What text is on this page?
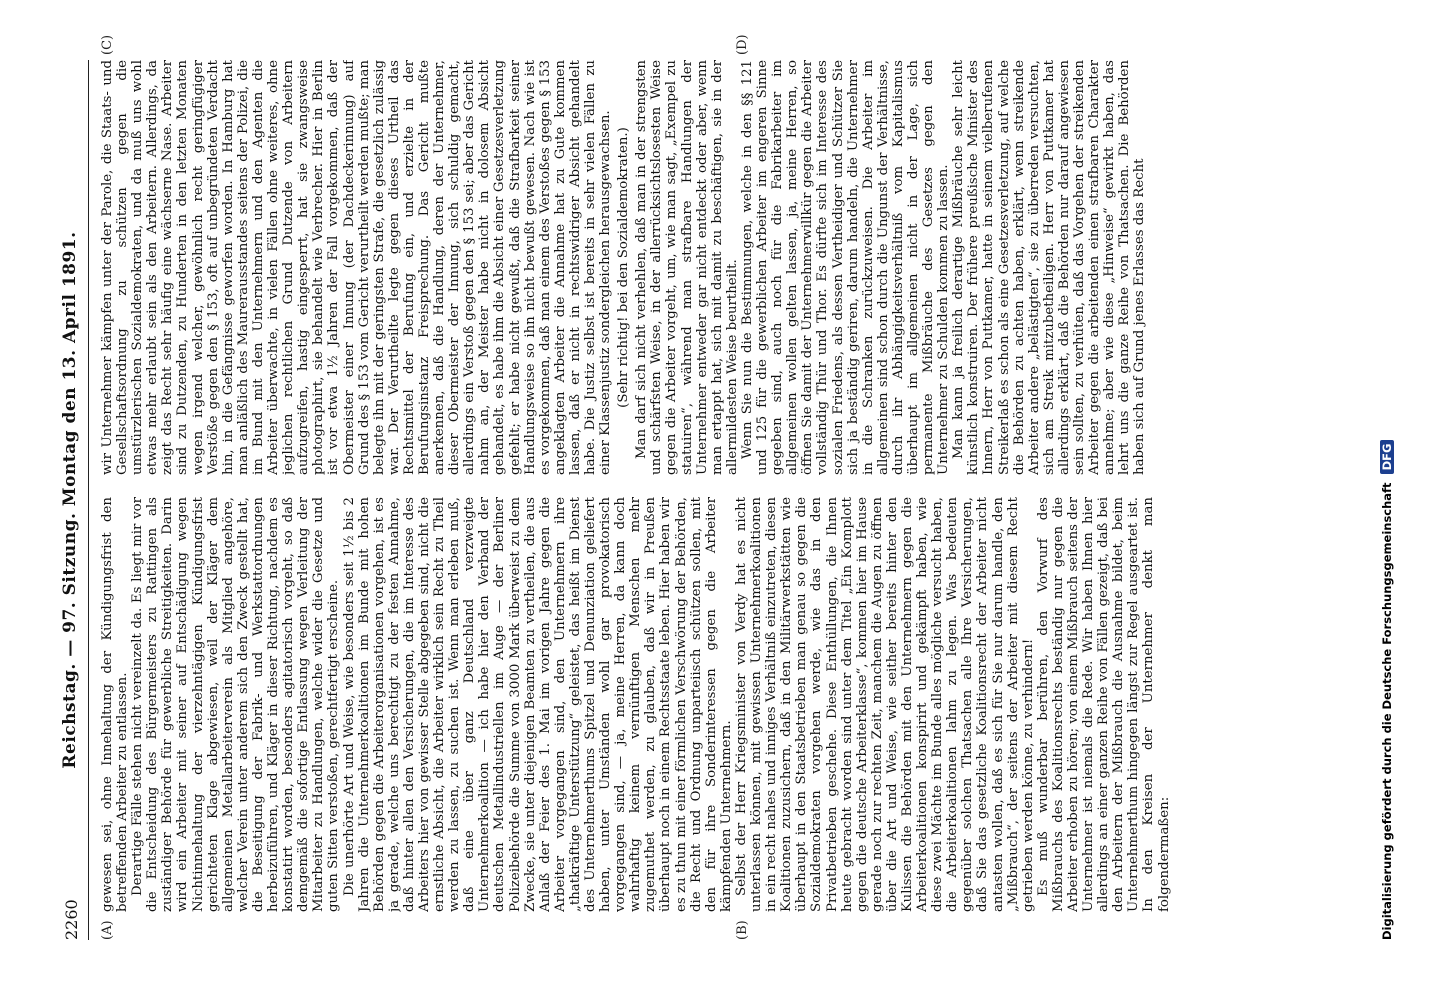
2260
Reichstag. — 97. Sitzung. Montag den 13. April 1891.
(A)	(B)
(C)	(D)

gewesen sei, ohne Innehaltung der Kündigungsfrist den betreffenden Arbeiter zu entlassen. Derartige Fälle stehen nicht vereinzelt da. Es liegt mir vor die Entscheidung des Bürgermeisters zu Rattingen als zuständiger Behörde für gewerbliche Streitigkeiten. Darin wird ein Arbeiter mit seiner auf Entschädigung wegen Nichtinnehaltung der vierzehntägigen Kündigungsfrist gerichteten Klage abgewiesen, weil der Kläger dem allgemeinen Metallarbeiterverein als Mitglied angehöre, welcher Verein unter anderem sich den Zweck gestellt hat, die Beseitigung der Fabrik- und Werkstattordnungen herbeizuführen, und Kläger in dieser Richtung, nachdem es konstatirt worden, besonders agitatorisch vorgeht, so daß demgemäß die sofortige Entlassung wegen Verleitung der Mitarbeiter zu Handlungen, welche wider die Gesetze und guten Sitten verstoßen, gerechtfertigt erscheine. Die unerhörte Art und Weise, wie besonders seit 1½ bis 2 Jahren die Unternehmerkoalitionen im Bunde mit hohen Behörden gegen die Arbeiterorganisationen vorgehen, ist es ja gerade, welche uns berechtigt zu der festen Annahme, daß hinter allen den Versicherungen, die im Interesse des Arbeiters hier von gewisser Stelle abgegeben sind, nicht die ernstliche Absicht, die Arbeiter wirklich sein Recht zu Theil werden zu lassen, zu suchen ist. Wenn man erleben muß, daß eine über ganz Deutschland verzweigte Unternehmerkoalition — ich habe hier den Verband der deutschen Metallindustriellen im Auge — der Berliner Polizeibehörde die Summe von 3000 Mark überweist zu dem Zwecke, sie unter diejenigen Beamten zu vertheilen, die aus Anlaß der Feier des 1. Mai im vorigen Jahre gegen die Arbeiter vorgegangen sind, den Unternehmern ihre „thatkräftige Unterstützung“ geleistet, das heißt im Dienst des Unternehmerthums Spitzel und Denunziation geliefert haben, unter Umständen wohl gar provokatorisch vorgegangen sind, — ja, meine Herren, da kann doch wahrhaftig keinem vernünftigen Menschen mehr zugemuthet werden, zu glauben, daß wir in Preußen überhaupt noch in einem Rechtsstaate leben. Hier haben wir es zu thun mit einer förmlichen Verschwörung der Behörden, die Recht und Ordnung unparteiisch schützen sollen, mit den für ihre Sonderinteressen gegen die Arbeiter kämpfenden Unternehmern. Selbst der Herr Kriegsminister von Verdy hat es nicht unterlassen können, mit gewissen Unternehmerkoalitionen in ein recht nahes und inniges Verhältniß einzutreten, diesen Koalitionen zuzusichern, daß in den Militärwerkstätten wie überhaupt in den Staatsbetrieben man genau so gegen die Sozialdemokraten vorgehen werde, wie das in den Privatbetrieben geschehe. Diese Enthüllungen, die Ihnen heute gebracht worden sind unter dem Titel „Ein Komplott gegen die deutsche Arbeiterklasse“, kommen hier im Hause gerade noch zur rechten Zeit, manchem die Augen zu öffnen über die Art und Weise, wie seither bereits hinter den Kulissen die Behörden mit den Unternehmern gegen die Arbeiterkoalitionen konspirirt und gekämpft haben, wie diese zwei Mächte im Bunde alles mögliche versucht haben, die Arbeiterkoalitionen lahm zu legen. Was bedeuten gegenüber solchen Thatsachen alle Ihre Versicherungen, daß Sie das gesetzliche Koalitionsrecht der Arbeiter nicht antasten wollen, daß es sich für Sie nur darum handle, den „Mißbrauch“, der seitens der Arbeiter mit diesem Recht getrieben werden könne, zu verhindern! Es muß wunderbar berühren, den Vorwurf des Mißbrauchs des Koalitionsrechts beständig nur gegen die Arbeiter erhoben zu hören; von einem Mißbrauch seitens der Unternehmer ist niemals die Rede. Wir haben Ihnen hier allerdings an einer ganzen Reihe von Fällen gezeigt, daß bei den Arbeitern der Mißbrauch die Ausnahme bildet, beim Unternehmerthum hingegen längst zur Regel ausgeartet ist. In den Kreisen der Unternehmer denkt man folgendermaßen:

wir Unternehmer kämpfen unter der Parole, die Staats- und Gesellschaftsordnung zu schützen gegen die umstürzlerischen Sozialdemokraten, und da muß uns wohl etwas mehr erlaubt sein als den Arbeitern. Allerdings, da zeigt das Recht sehr häufig eine wächserne Nase. Arbeiter sind zu Dutzenden, zu Hunderten in den letzten Monaten wegen irgend welcher, gewöhnlich recht geringfügiger Verstöße gegen den § 153, oft auf unbegründeten Verdacht hin, in die Gefängnisse geworfen worden. In Hamburg hat man anläßlich des Maurerausstandes seitens der Polizei, die im Bund mit den Unternehmern und den Agenten die Arbeiter überwachte, in vielen Fällen ohne weiteres, ohne jeglichen rechtlichen Grund Dutzende von Arbeitern aufzugreifen, hastig eingesperrt, hat sie zwangsweise photographirt, sie behandelt wie Verbrecher. Hier in Berlin ist vor etwa 1½ Jahren der Fall vorgekommen, daß der Obermeister einer Innung (der Dachdeckerinnung) auf Grund des § 153 vom Gericht verurtheilt werden mußte; man belegte ihn mit der geringsten Strafe, die gesetzlich zulässig war. Der Verurtheilte legte gegen dieses Urtheil das Rechtsmittel der Berufung ein, und erzielte in der Berufungsinstanz Freisprechung. Das Gericht mußte anerkennen, daß die Handlung, deren der Unternehmer, dieser Obermeister der Innung, sich schuldig gemacht, allerdings ein Verstoß gegen den § 153 sei; aber das Gericht nahm an, der Meister habe nicht in dolosem Absicht gehandelt, es habe ihm die Absicht einer Gesetzesverletzung gefehlt; er habe nicht gewußt, daß die Strafbarkeit seiner Handlungsweise so ihn nicht bewußt gewesen. Nach wie ist es vorgekommen, daß man einem des Verstoßes gegen § 153 angeklagten Arbeiter die Annahme hat zu Gute kommen lassen, daß er nicht in rechtswidriger Absicht gehandelt habe. Die Justiz selbst ist bereits in sehr vielen Fällen zu einer Klassenjustiz sondergleichen herausgewachsen. (Sehr richtig! bei den Sozialdemokraten.) Man darf sich nicht verhehlen, daß man in der strengsten und schärfsten Weise, in der allerrücksichtslosesten Weise gegen die Arbeiter vorgeht, um, wie man sagt, „Exempel zu statuiren“, während man strafbare Handlungen der Unternehmer entweder gar nicht entdeckt oder aber, wenn man ertappt hat, sich mit damit zu beschäftigen, sie in der allermildesten Weise beurtheilt. Wenn Sie nun die Bestimmungen, welche in den §§ 121 und 125 für die gewerblichen Arbeiter im engeren Sinne gegeben sind, auch noch für die Fabrikarbeiter im allgemeinen wollen gelten lassen, ja, meine Herren, so öffnen Sie damit der Unternehmerwillkür gegen die Arbeiter vollständig Thür und Thor. Es dürfte sich im Interesse des sozialen Friedens, als dessen Vertheidiger und Schützer Sie sich ja beständig geriren, darum handeln, die Unternehmer in die Schranken zurückzuweisen. Die Arbeiter im allgemeinen sind schon durch die Ungunst der Verhältnisse, durch ihr Abhängigkeitsverhältniß vom Kapitalismus überhaupt im allgemeinen nicht in der Lage, sich permanente Mißbräuche des Gesetzes gegen den Unternehmer zu Schulden kommen zu lassen. Man kann ja freilich derartige Mißbräuche sehr leicht künstlich konstruiren. Der frühere preußische Minister des Innern, Herr von Puttkamer, hatte in seinem vielberufenen Streikerlaß es schon als eine Gesetzesverletzung, auf welche die Behörden zu achten haben, erklärt, wenn streikende Arbeiter andere „belästigten“, sie zu überreden versuchten, sich am Streik mitzubetheiligen. Herr von Puttkamer hat allerdings erklärt, daß die Behörden nur darauf angewiesen sein sollten, zu verhüten, daß das Vorgehen der streikenden Arbeiter gegen die arbeitenden einen strafbaren Charakter annehme; aber wie diese „Hinweise“ gewirkt haben, das lehrt uns die ganze Reihe von Thatsachen. Die Behörden haben sich auf Grund jenes Erlasses das Recht

Digitalisierung gefördert durch die Deutsche Forschungsgemeinschaft DFG
